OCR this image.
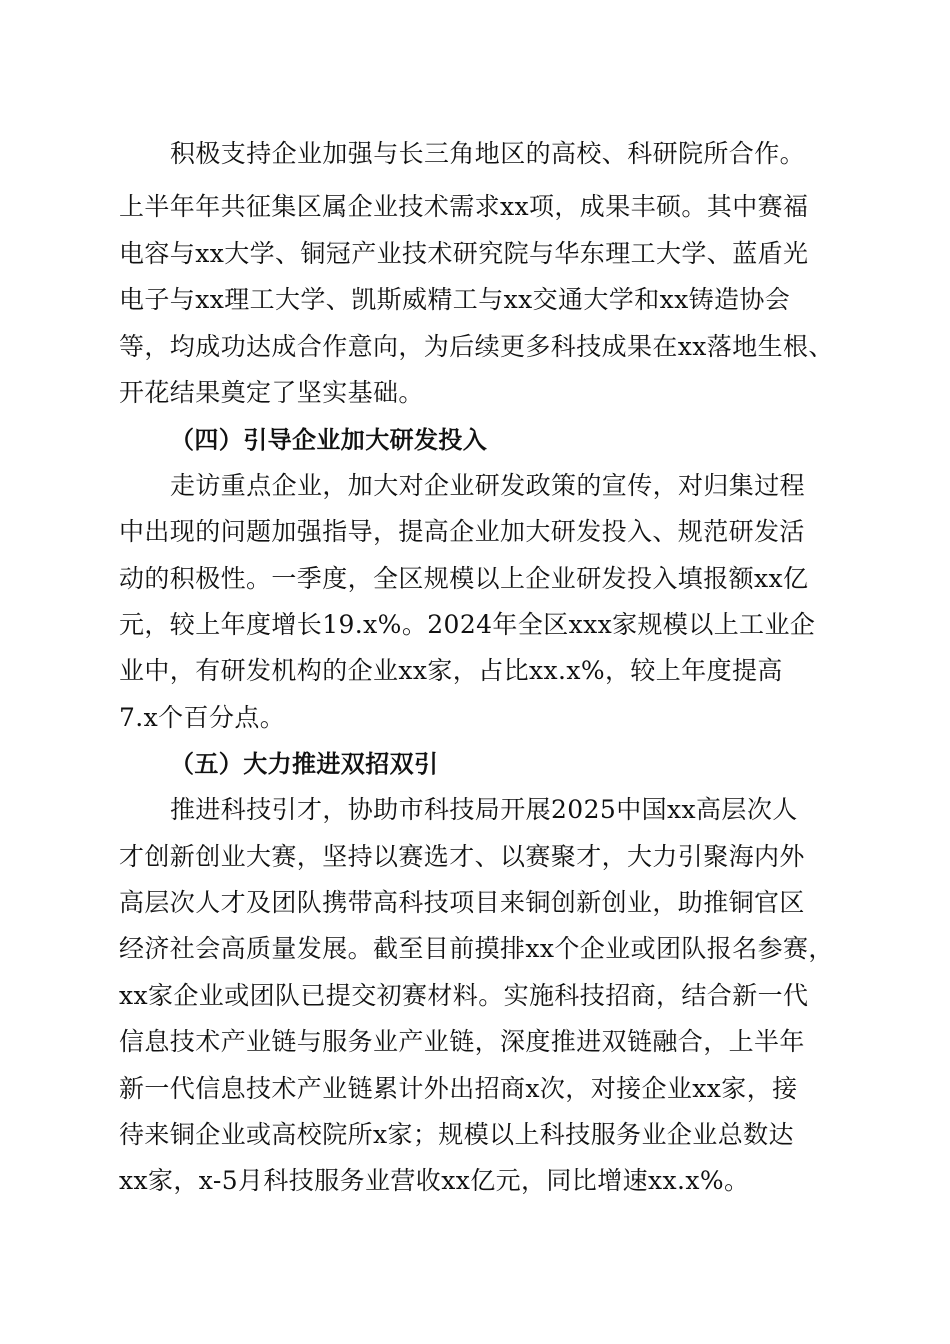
积极支持企业加强与长三角地区的高校、科研院所合作。
上半年年共征集区属企业技术需求xx项，成果丰硕。其中赛福
电容与xx大学、铜冠产业技术研究院与华东理工大学、蓝盾光
电子与xx理工大学、凯斯威精工与xx交通大学和xx铸造协会
等，均成功达成合作意向，为后续更多科技成果在xx落地生根、
开花结果奠定了坚实基础。
（四）引导企业加大研发投入
走访重点企业，加大对企业研发政策的宣传，对归集过程
中出现的问题加强指导，提高企业加大研发投入、规范研发活
动的积极性。一季度，全区规模以上企业研发投入填报额xx亿
元，较上年度增长19.x%。2024年全区xxx家规模以上工业企
业中，有研发机构的企业xx家，占比xx.x%，较上年度提高
7.x个百分点。
（五）大力推进双招双引
推进科技引才，协助市科技局开展2025中国xx高层次人
才创新创业大赛，坚持以赛选才、以赛聚才，大力引聚海内外
高层次人才及团队携带高科技项目来铜创新创业，助推铜官区
经济社会高质量发展。截至目前摸排xx个企业或团队报名参赛，
xx家企业或团队已提交初赛材料。实施科技招商，结合新一代
信息技术产业链与服务业产业链，深度推进双链融合，上半年
新一代信息技术产业链累计外出招商x次，对接企业xx家，接
待来铜企业或高校院所x家；规模以上科技服务业企业总数达
xx家，x-5月科技服务业营收xx亿元，同比增速xx.x%。
